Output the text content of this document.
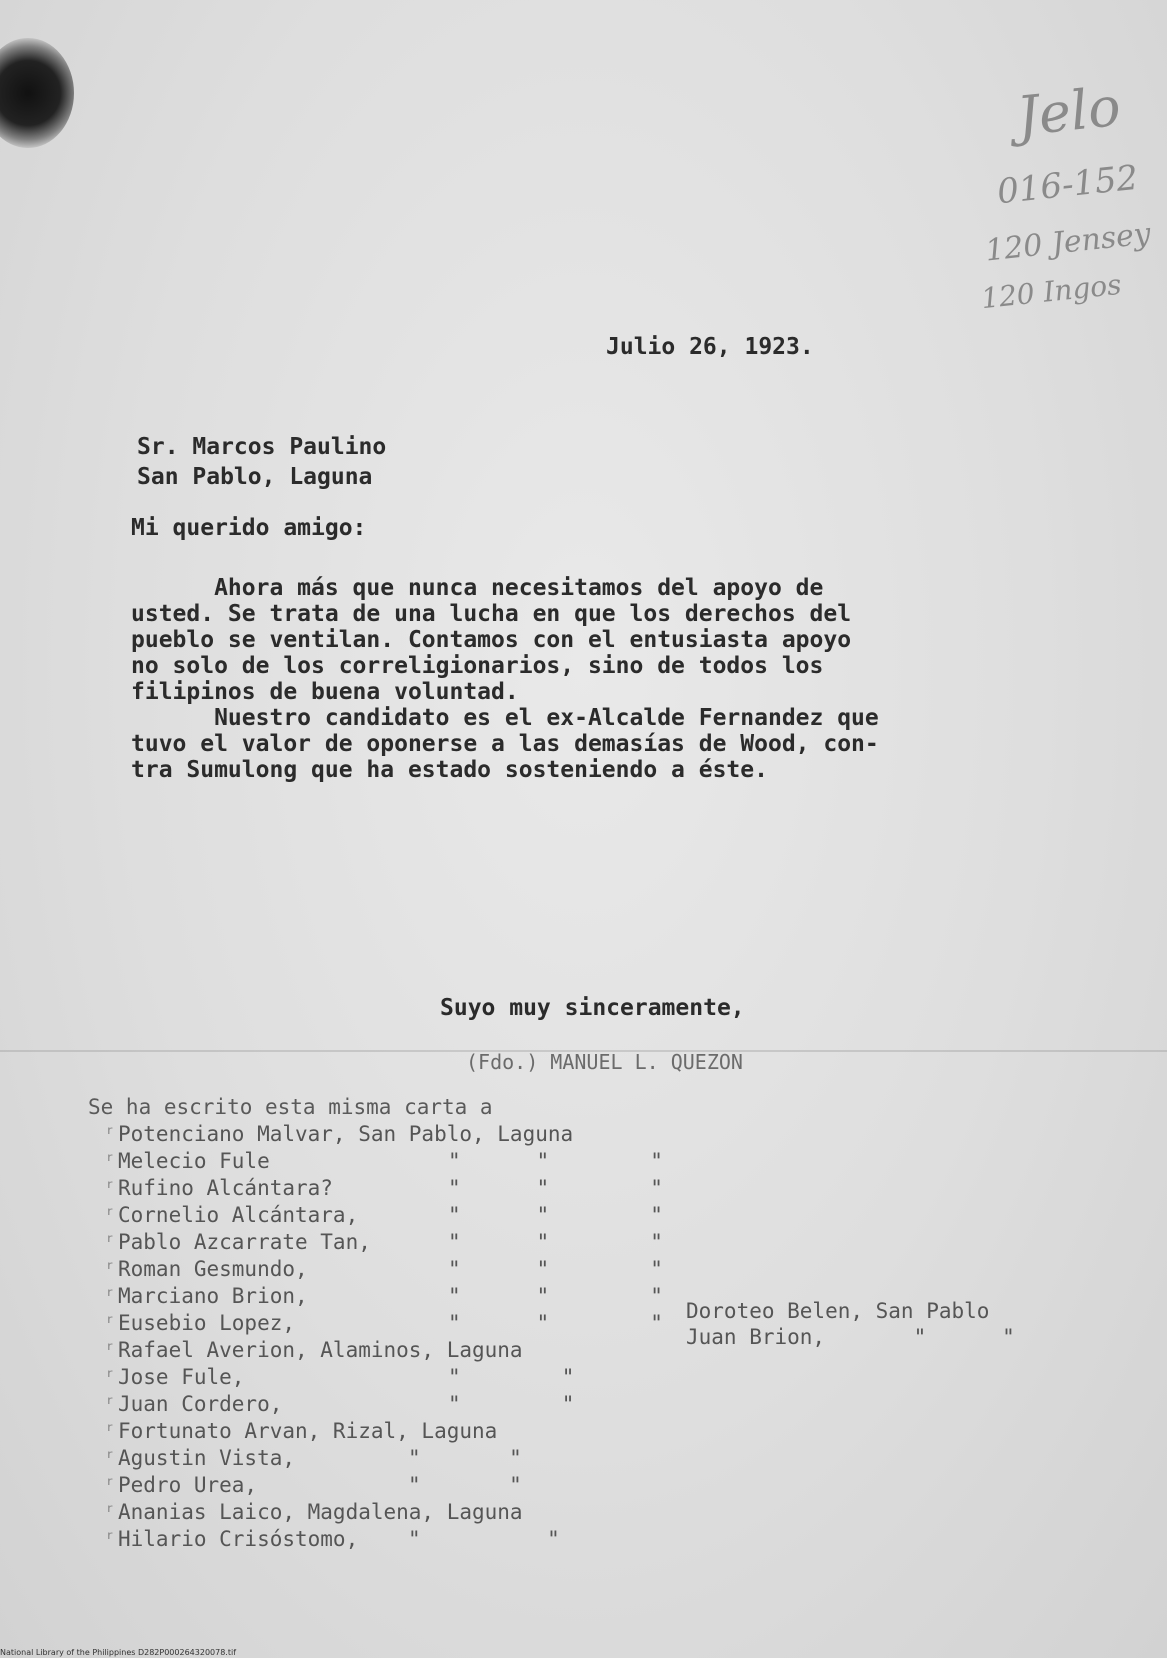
Jelo
016-152
120 Jensey
120 Ingos
Julio 26, 1923.
Sr. Marcos Paulino
San Pablo, Laguna
Mi querido amigo:

Ahora más que nunca necesitamos del apoyo de
usted. Se trata de una lucha en que los derechos del
pueblo se ventilan. Contamos con el entusiasta apoyo
no solo de los correligionarios, sino de todos los
filipinos de buena voluntad.

Nuestro candidato es el ex-Alcalde Fernandez que
tuvo el valor de oponerse a las demasías de Wood, con-
tra Sumulong que ha estado sosteniendo a éste.

Suyo muy sinceramente,
(Fdo.) MANUEL L. QUEZON
Se ha escrito esta misma carta a
ʳ Potenciano Malvar, San Pablo, Laguna
ʳ Melecio Fule	"      "        "
ʳ Rufino Alcántara?	"      "        "
ʳ Cornelio Alcántara,	"      "        "
ʳ Pablo Azcarrate Tan,	"      "        "
ʳ Roman Gesmundo,	"      "        "
ʳ Marciano Brion,	"      "        "
ʳ Eusebio Lopez,	"      "        "
ʳ Rafael Averion, Alaminos, Laguna
ʳ Jose Fule,	"        "
ʳ Juan Cordero,	"        "
ʳ Fortunato Arvan, Rizal, Laguna
ʳ Agustin Vista,	"       "
ʳ Pedro Urea,	"       "
ʳ Ananias Laico, Magdalena, Laguna
ʳ Hilario Crisóstomo, "          "
Doroteo Belen, San Pablo
Juan Brion,       "      "
National Library of the Philippines D282P000264320078.tif
